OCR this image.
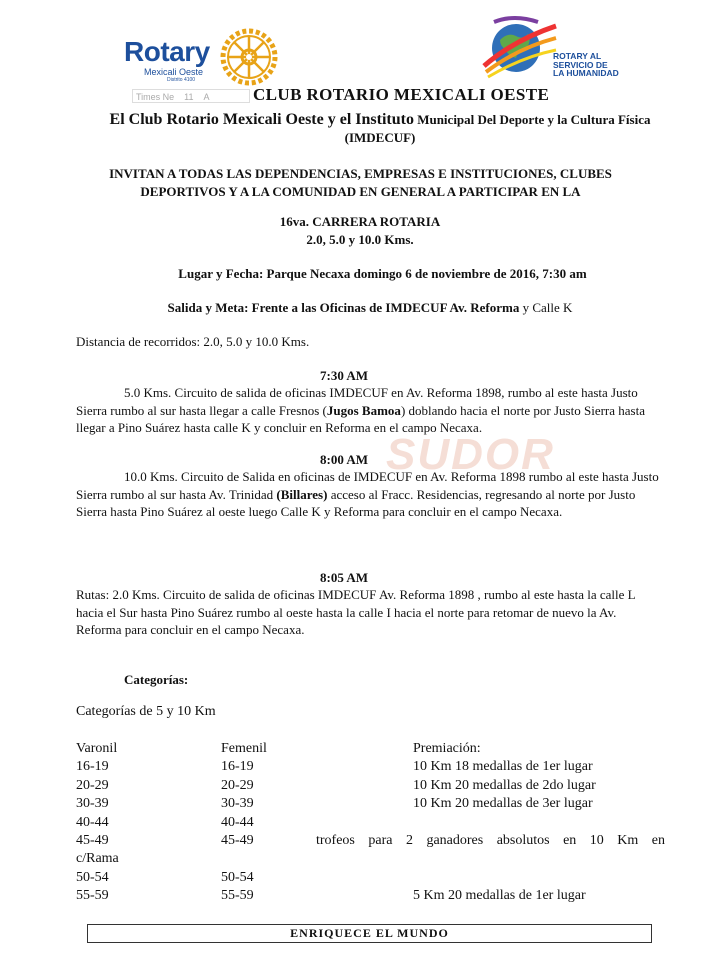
Rotary
Mexicali Oeste
Distrito 4100
ROTARY AL
SERVICIO DE
LA HUMANIDAD
Times Ne 11 A	CLUB ROTARIO MEXICALI OESTE
El Club Rotario Mexicali Oeste y el Instituto Municipal Del Deporte y la Cultura Física (IMDECUF)
INVITAN A TODAS LAS DEPENDENCIAS, EMPRESAS E INSTITUCIONES, CLUBES DEPORTIVOS Y A LA COMUNIDAD EN GENERAL A PARTICIPAR EN LA
16va. CARRERA ROTARIA
2.0, 5.0 y 10.0 Kms.
Lugar y Fecha: Parque Necaxa domingo 6 de noviembre de 2016, 7:30 am
Salida y Meta: Frente a las Oficinas de IMDECUF Av. Reforma y Calle K
Distancia de recorridos: 2.0, 5.0 y 10.0 Kms.
SUDOR
7:30 AM
5.0 Kms. Circuito de salida de oficinas IMDECUF en Av. Reforma 1898, rumbo al este hasta Justo Sierra rumbo al sur hasta llegar a calle Fresnos (Jugos Bamoa) doblando hacia el norte por Justo Sierra hasta llegar a Pino Suárez hasta calle K y concluir en Reforma en el campo Necaxa.
8:00 AM
10.0 Kms. Circuito de Salida en oficinas de IMDECUF en Av. Reforma 1898 rumbo al este hasta Justo Sierra rumbo al sur hasta Av. Trinidad (Billares) acceso al Fracc. Residencias, regresando al norte por Justo Sierra hasta Pino Suárez al oeste luego Calle K y Reforma para concluir en el campo Necaxa.
8:05 AM
Rutas: 2.0 Kms. Circuito de salida de oficinas IMDECUF Av. Reforma 1898 , rumbo al este hasta la calle L hacia el Sur hasta Pino Suárez rumbo al oeste hasta la calle I hacia el norte para retomar de nuevo la Av. Reforma para concluir en el campo Necaxa.
Categorías:
Categorías de 5 y 10 Km
Varonil	Femenil	Premiación:
16-19	16-19	10 Km 18 medallas de 1er lugar
20-29	20-29	10 Km 20 medallas de 2do lugar
30-39	30-39	10 Km 20 medallas de 3er lugar
40-44	40-44
45-49	45-49	trofeos para 2 ganadores absolutos en 10 Km en
c/Rama
50-54	50-54
55-59	55-59	5 Km 20 medallas de 1er lugar
ENRIQUECE EL MUNDO
